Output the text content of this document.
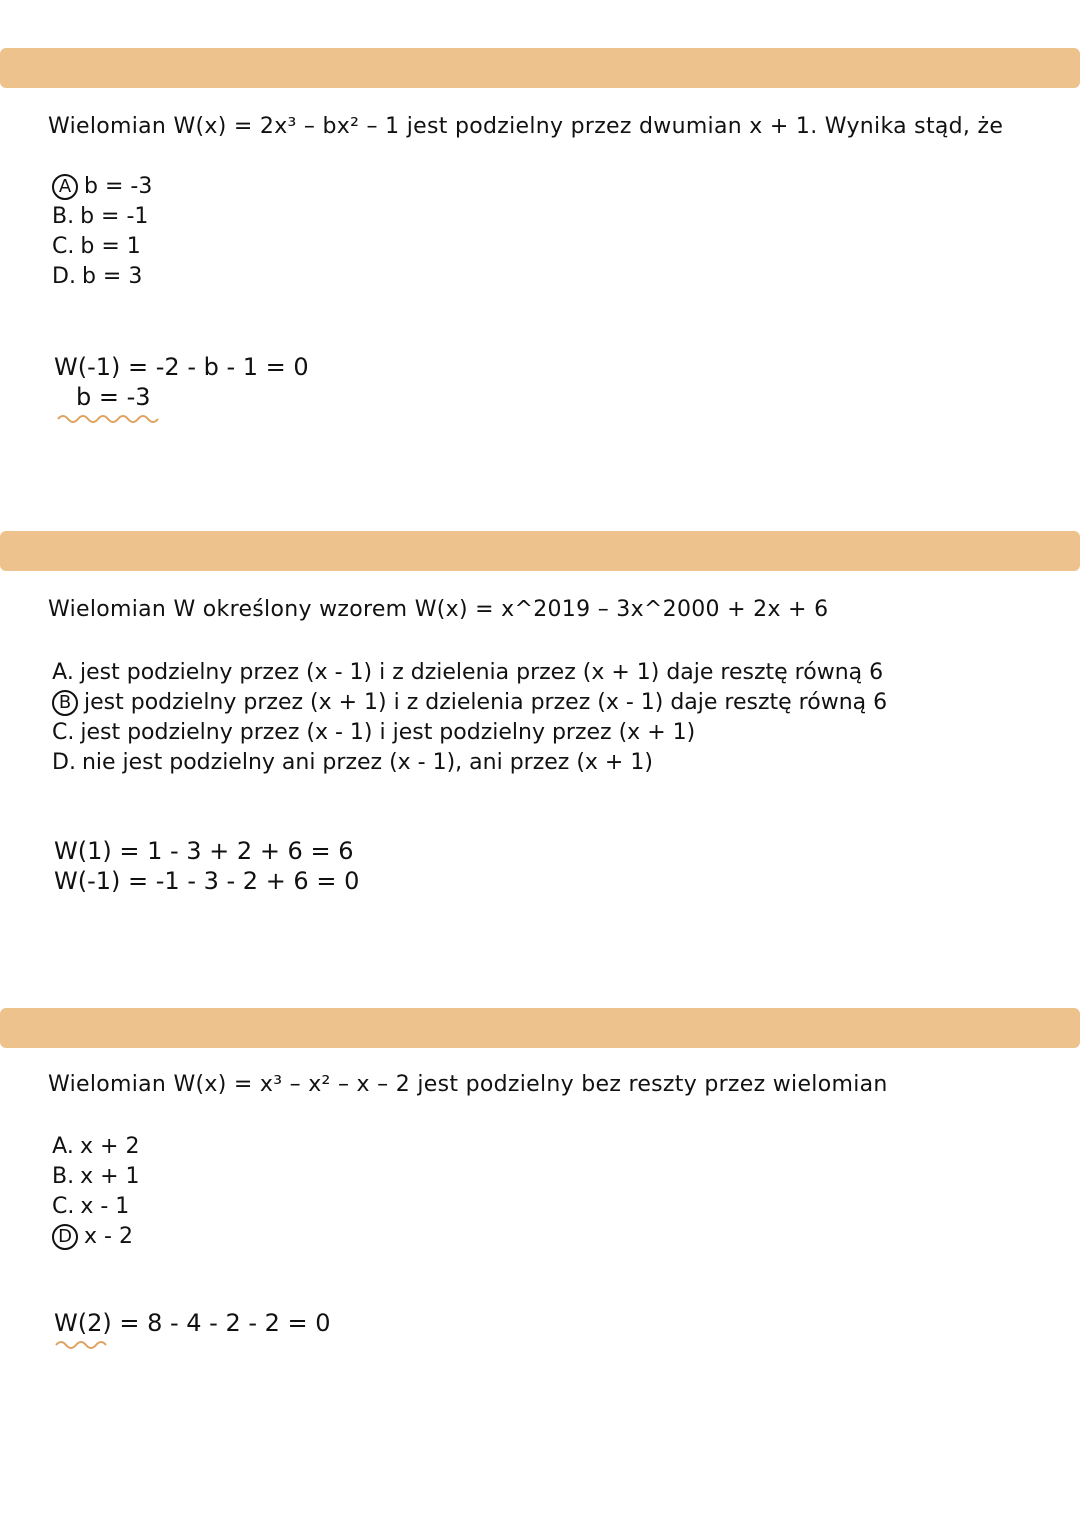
Wielomian W(x) = 2x³ – bx² – 1 jest podzielny przez dwumian x + 1. Wynika stąd, że
A b = -3
B. b = -1
C. b = 1
D. b = 3
W(-1) = -2 - b - 1 = 0
b = -3
Wielomian W określony wzorem W(x) = x^2019 – 3x^2000 + 2x + 6
A. jest podzielny przez (x - 1) i z dzielenia przez (x + 1) daje resztę równą 6
B jest podzielny przez (x + 1) i z dzielenia przez (x - 1) daje resztę równą 6
C. jest podzielny przez (x - 1) i jest podzielny przez (x + 1)
D. nie jest podzielny ani przez (x - 1), ani przez (x + 1)
W(1) = 1 - 3 + 2 + 6 = 6
W(-1) = -1 - 3 - 2 + 6 = 0
Wielomian W(x) = x³ – x² – x – 2 jest podzielny bez reszty przez wielomian
A. x + 2
B. x + 1
C. x - 1
D x - 2
W(2) = 8 - 4 - 2 - 2 = 0
